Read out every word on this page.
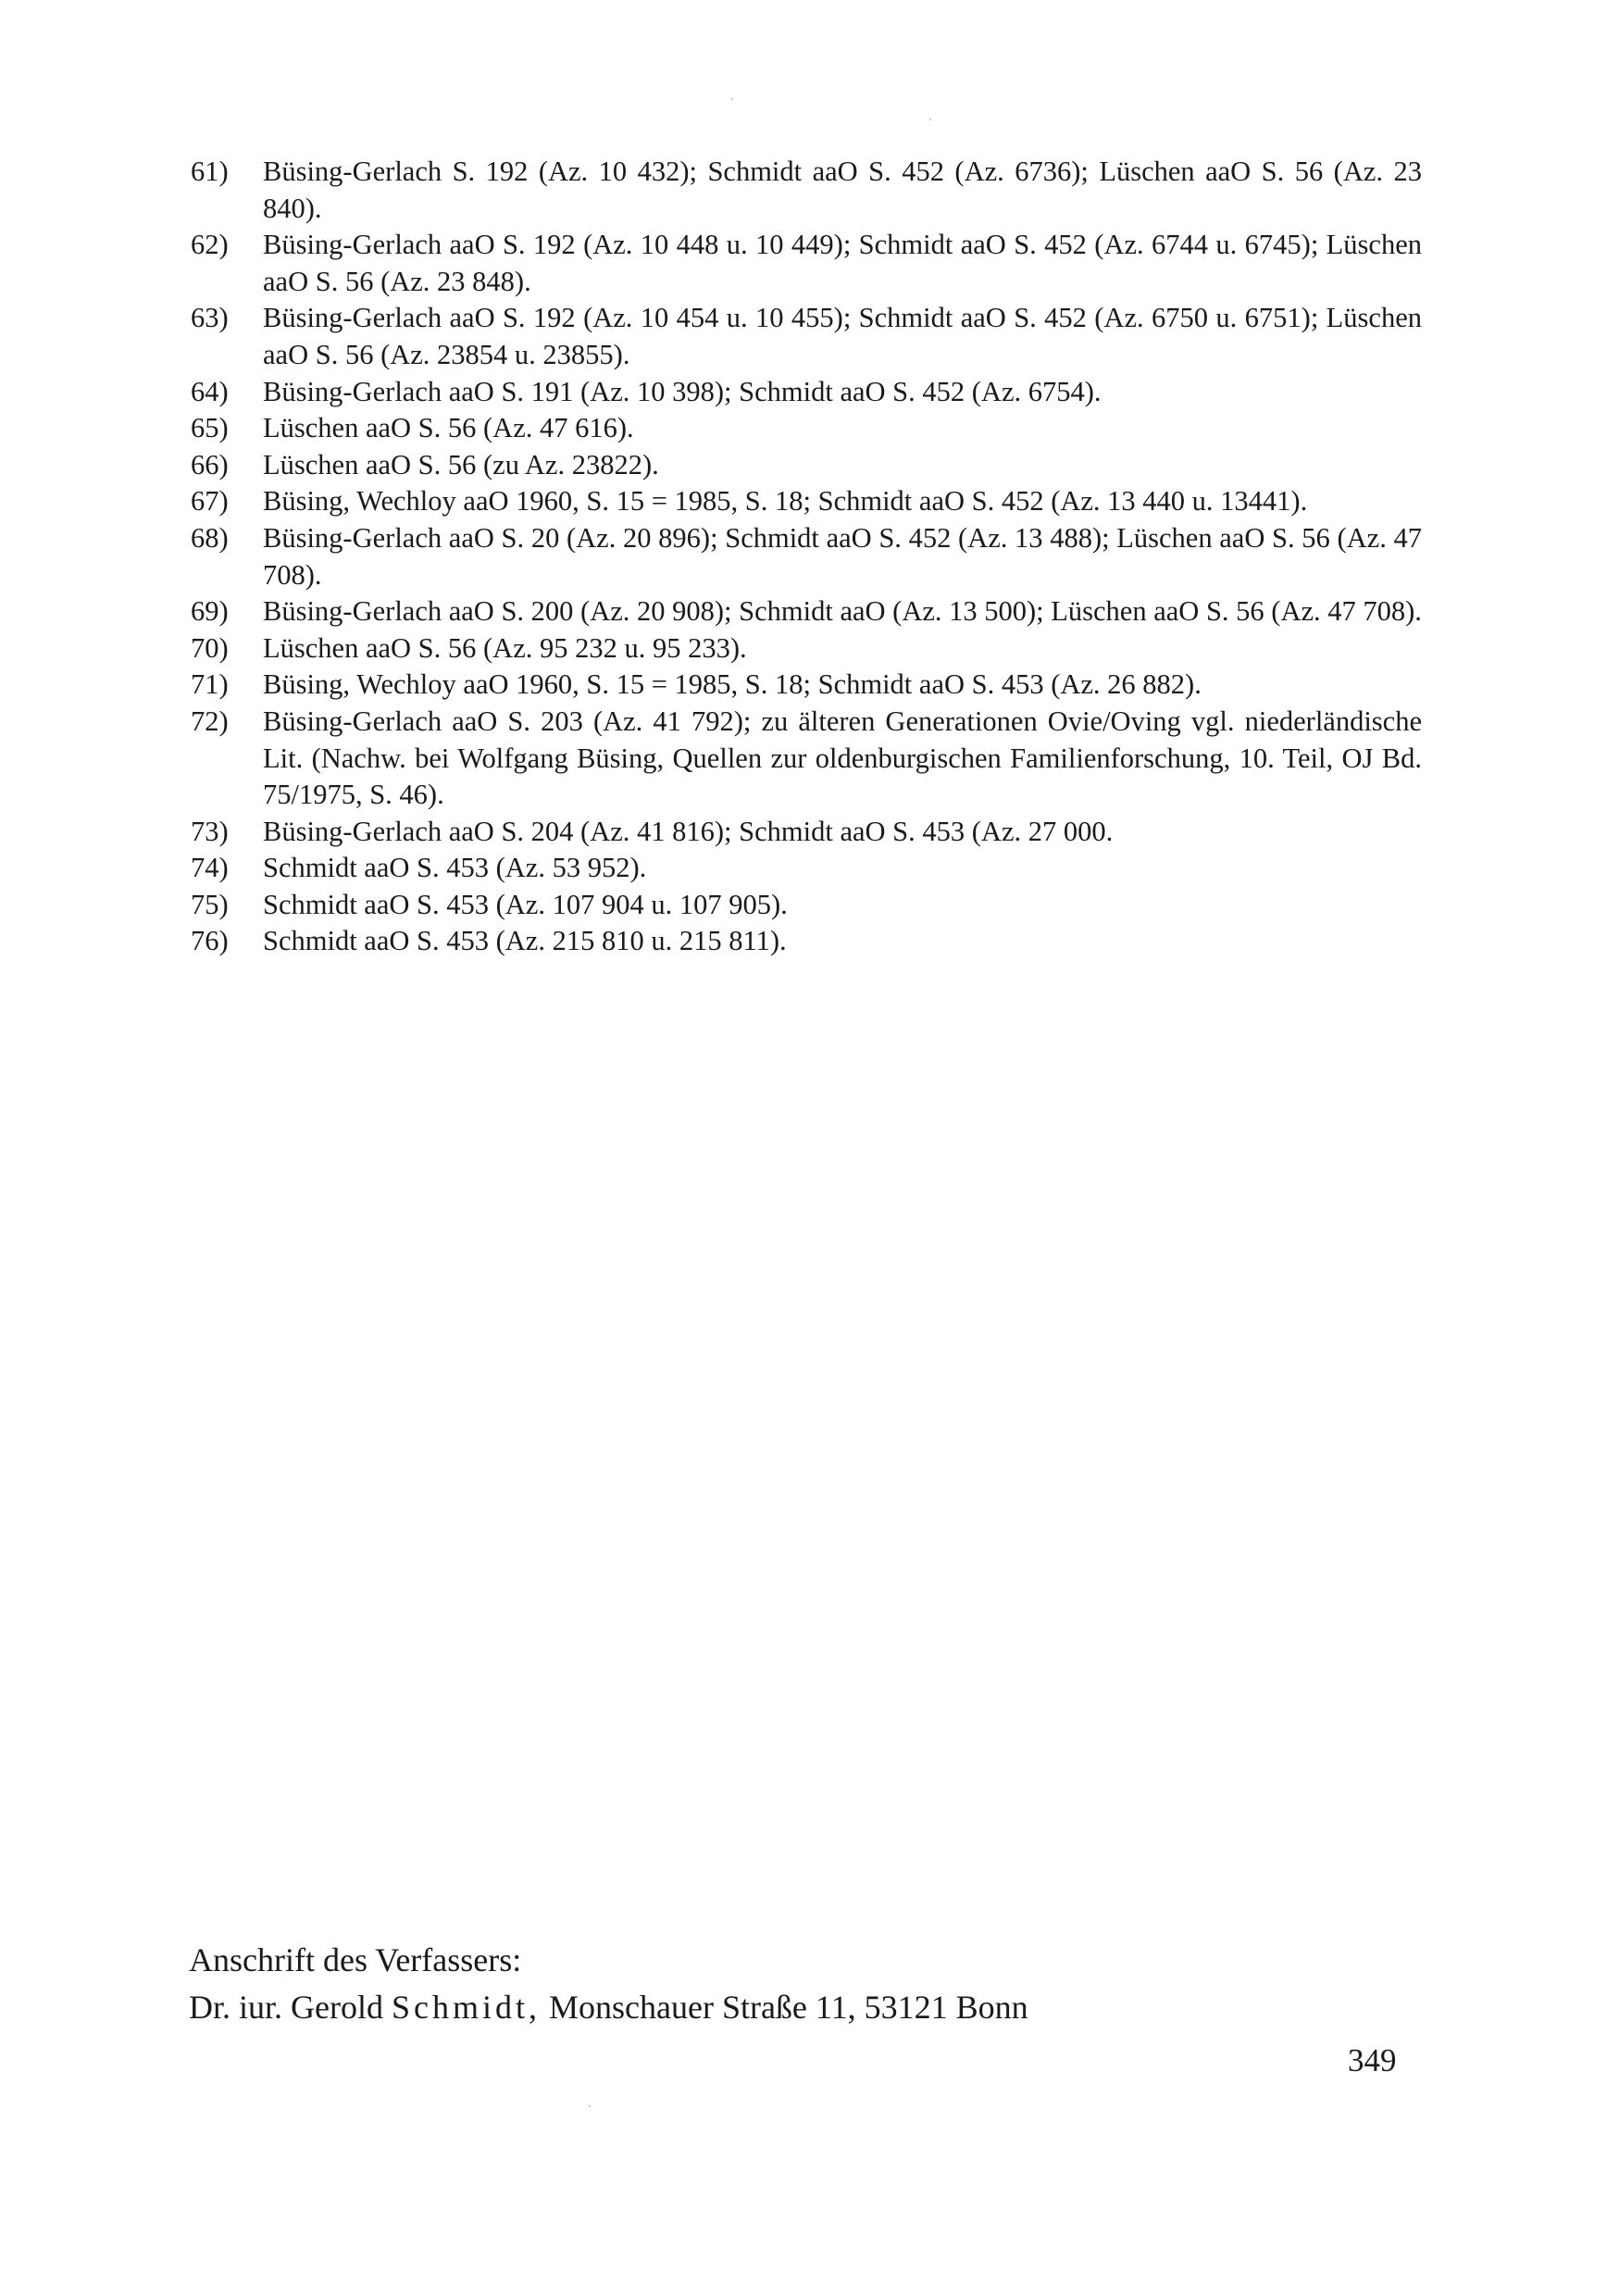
61)	Büsing-Gerlach S. 192 (Az. 10 432); Schmidt aaO S. 452 (Az. 6736); Lüschen aaO S. 56 (Az. 23 840).
62)	Büsing-Gerlach aaO S. 192 (Az. 10 448 u. 10 449); Schmidt aaO S. 452 (Az. 6744 u. 6745); Lüschen aaO S. 56 (Az. 23 848).
63)	Büsing-Gerlach aaO S. 192 (Az. 10 454 u. 10 455); Schmidt aaO S. 452 (Az. 6750 u. 6751); Lüschen aaO S. 56 (Az. 23854 u. 23855).
64)	Büsing-Gerlach aaO S. 191 (Az. 10 398); Schmidt aaO S. 452 (Az. 6754).
65)	Lüschen aaO S. 56 (Az. 47 616).
66)	Lüschen aaO S. 56 (zu Az. 23822).
67)	Büsing, Wechloy aaO 1960, S. 15 = 1985, S. 18; Schmidt aaO S. 452 (Az. 13 440 u. 13441).
68)	Büsing-Gerlach aaO S. 20 (Az. 20 896); Schmidt aaO S. 452 (Az. 13 488); Lüschen aaO S. 56 (Az. 47 708).
69)	Büsing-Gerlach aaO S. 200 (Az. 20 908); Schmidt aaO (Az. 13 500); Lüschen aaO S. 56 (Az. 47 708).
70)	Lüschen aaO S. 56 (Az. 95 232 u. 95 233).
71)	Büsing, Wechloy aaO 1960, S. 15 = 1985, S. 18; Schmidt aaO S. 453 (Az. 26 882).
72)	Büsing-Gerlach aaO S. 203 (Az. 41 792); zu älteren Generationen Ovie/Oving vgl. niederländische Lit. (Nachw. bei Wolfgang Büsing, Quellen zur oldenburgischen Familienforschung, 10. Teil, OJ Bd. 75/1975, S. 46).
73)	Büsing-Gerlach aaO S. 204 (Az. 41 816); Schmidt aaO S. 453 (Az. 27 000.
74)	Schmidt aaO S. 453 (Az. 53 952).
75)	Schmidt aaO S. 453 (Az. 107 904 u. 107 905).
76)	Schmidt aaO S. 453 (Az. 215 810 u. 215 811).
Anschrift des Verfassers:
Dr. iur. Gerold Schmidt, Monschauer Straße 11, 53121 Bonn
349
